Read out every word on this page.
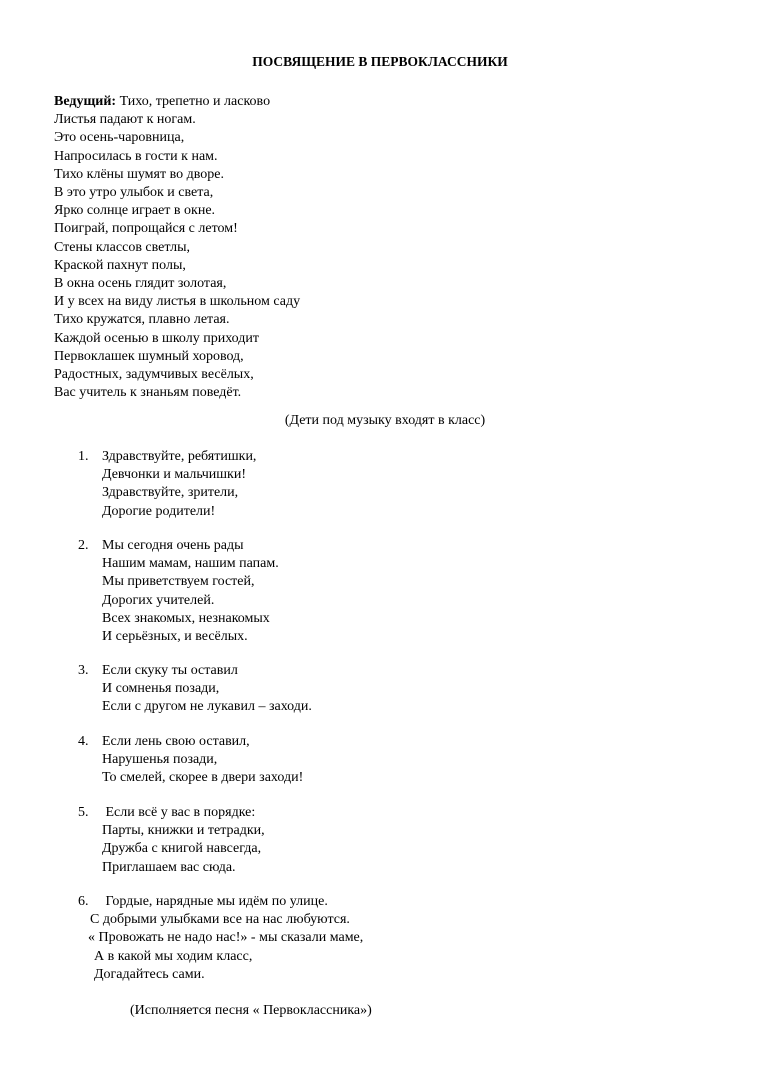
ПОСВЯЩЕНИЕ В ПЕРВОКЛАССНИКИ
Ведущий: Тихо, трепетно и ласково
Листья падают к ногам.
Это осень-чаровница,
Напросилась в гости к нам.
Тихо клёны шумят во дворе.
В это утро улыбок и света,
Ярко солнце играет в окне.
Поиграй, попрощайся с летом!
Стены классов светлы,
Краской пахнут полы,
В окна осень глядит золотая,
И у всех на виду листья в школьном саду
Тихо кружатся, плавно летая.
Каждой осенью в школу приходит
Первоклашек шумный хоровод,
Радостных, задумчивых весёлых,
Вас учитель к знаньям поведёт.
(Дети под музыку входят в класс)
1. Здравствуйте, ребятишки,
Девчонки и мальчишки!
Здравствуйте, зрители,
Дорогие родители!
2. Мы сегодня очень рады
Нашим мамам, нашим папам.
Мы приветствуем гостей,
Дорогих учителей.
Всех знакомых, незнакомых
И серьёзных, и весёлых.
3. Если скуку ты оставил
И сомненья позади,
Если с другом не лукавил – заходи.
4. Если лень свою оставил,
Нарушенья позади,
То смелей, скорее в двери заходи!
5. Если всё у вас в порядке:
Парты, книжки и тетрадки,
Дружба с книгой навсегда,
Приглашаем вас сюда.
6. Гордые, нарядные мы идём по улице.
С добрыми улыбками все на нас любуются.
« Провожать не надо нас!» - мы сказали маме,
А в какой мы ходим класс,
Догадайтесь сами.
(Исполняется песня « Первоклассника»)
